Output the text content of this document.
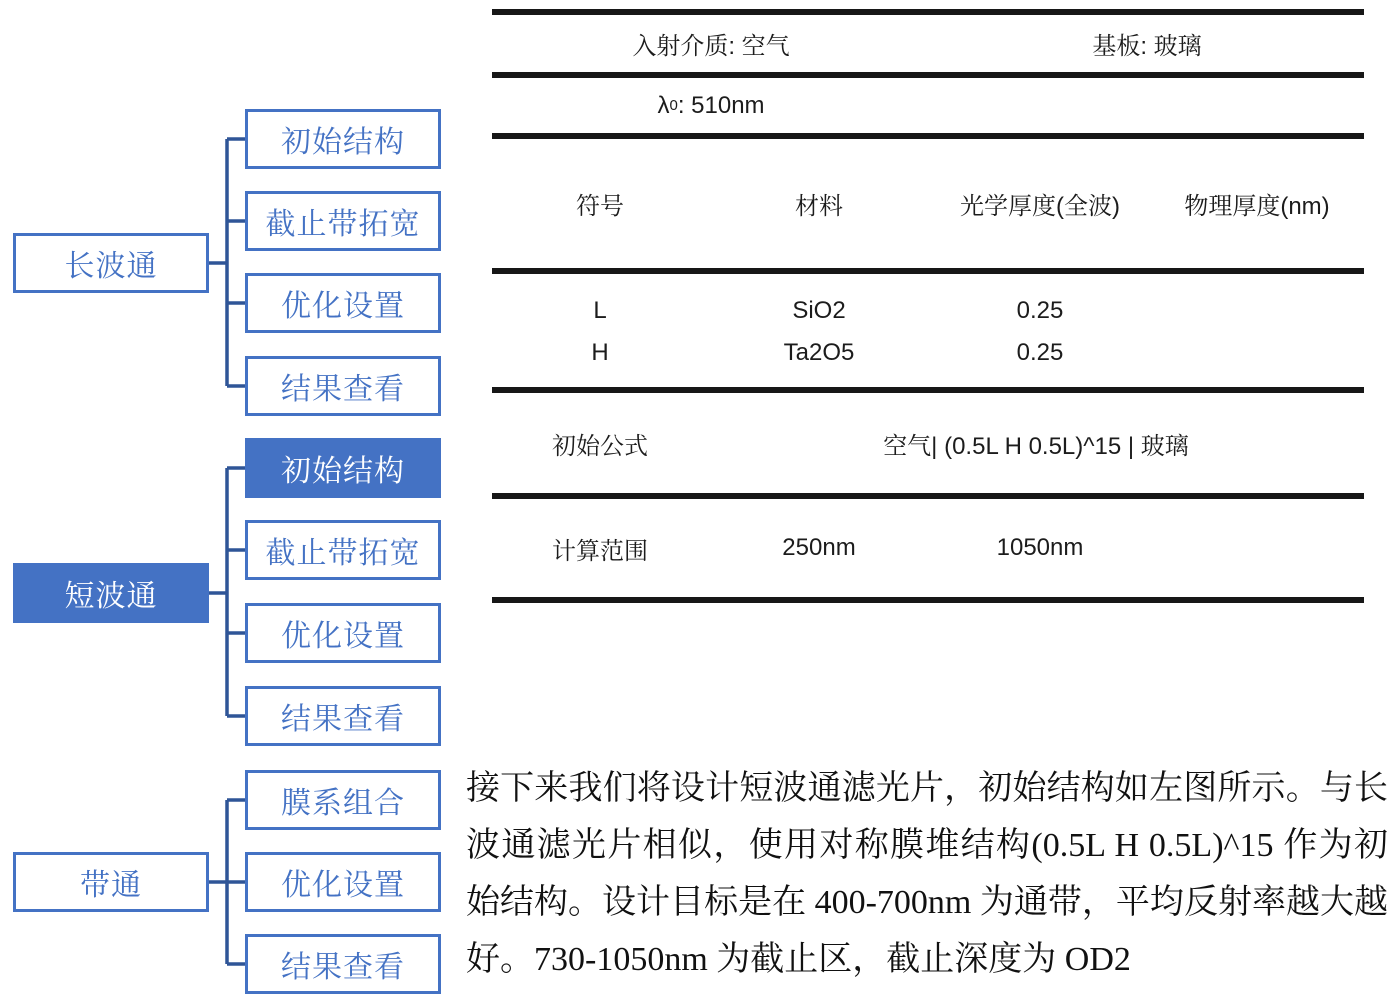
长波通
初始结构
截止带拓宽
优化设置
结果查看
短波通
初始结构
截止带拓宽
优化设置
结果查看
带通
膜系组合
优化设置
结果查看
入射介质: 空气	基板: 玻璃
λ 0 : 510nm
符号	材料	光学厚度(全波)	物理厚度(nm)
L	SiO2	0.25
H	Ta2O5	0.25
初始公式	空气| (0.5L H 0.5L)^15 | 玻璃
计算范围	250nm	1050nm

接下来我们将设计短波通滤光片，初始结构如左图所示。与长波通滤光片相似，使用对称膜堆结构(0.5L H 0.5L)^15 作为初始结构。设计目标是在 400-700nm 为通带，平均反射率越大越好。730-1050nm 为截止区，截止深度为 OD2
